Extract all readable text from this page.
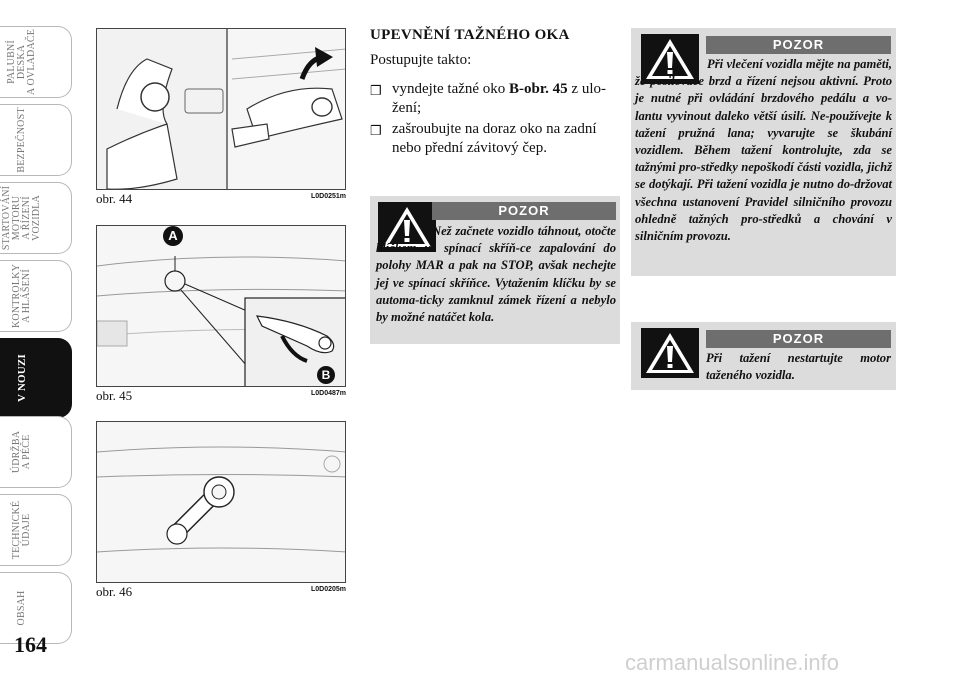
PALUBNÍ
DESKA
A OVLADAČE
BEZPEČNOST
STARTOVÁNÍ
MOTORU
A ŘÍZENÍ
VOZIDLA
KONTROLKY
A HLÁŠENÍ
V NOUZI
ÚDRŽBA
A PÉČE
TECHNICKÉ
ÚDAJE
OBSAH
164
obr. 44	L0D0251m
A
B
obr. 45	L0D0487m
obr. 46	L0D0205m
UPEVNĚNÍ TAŽNÉHO OKA
Postupujte takto:
❒ vyndejte tažné oko B-obr. 45 z ulo-žení;
❒ zašroubujte na doraz oko na zadní nebo přední závitový čep.
POZOR
Než začnete vozidlo táhnout, otočte klíčkem ve spínací skříň-ce zapalování do polohy MAR a pak na STOP, avšak nechejte jej ve spínací skříňce. Vytažením klíčku by se automa-ticky zamknul zámek řízení a nebylo by možné natáčet kola.
POZOR
Při vlečení vozidla mějte na paměti, že posilovače brzd a řízení nejsou aktivní. Proto je nutné při ovládání brzdového pedálu a vo-lantu vyvinout daleko větší úsilí. Ne-používejte k tažení pružná lana; vyvarujte se škubání vozidlem. Během tažení kontrolujte, zda se tažnými pro-středky nepoškodí části vozidla, jichž se dotýkají. Při tažení vozidla je nutno do-držovat všechna ustanovení Pravidel silničního provozu ohledně tažných pro-středků a chování v silničním provozu.
POZOR
Při tažení nestartujte motor taženého vozidla.
carmanualsonline.info
